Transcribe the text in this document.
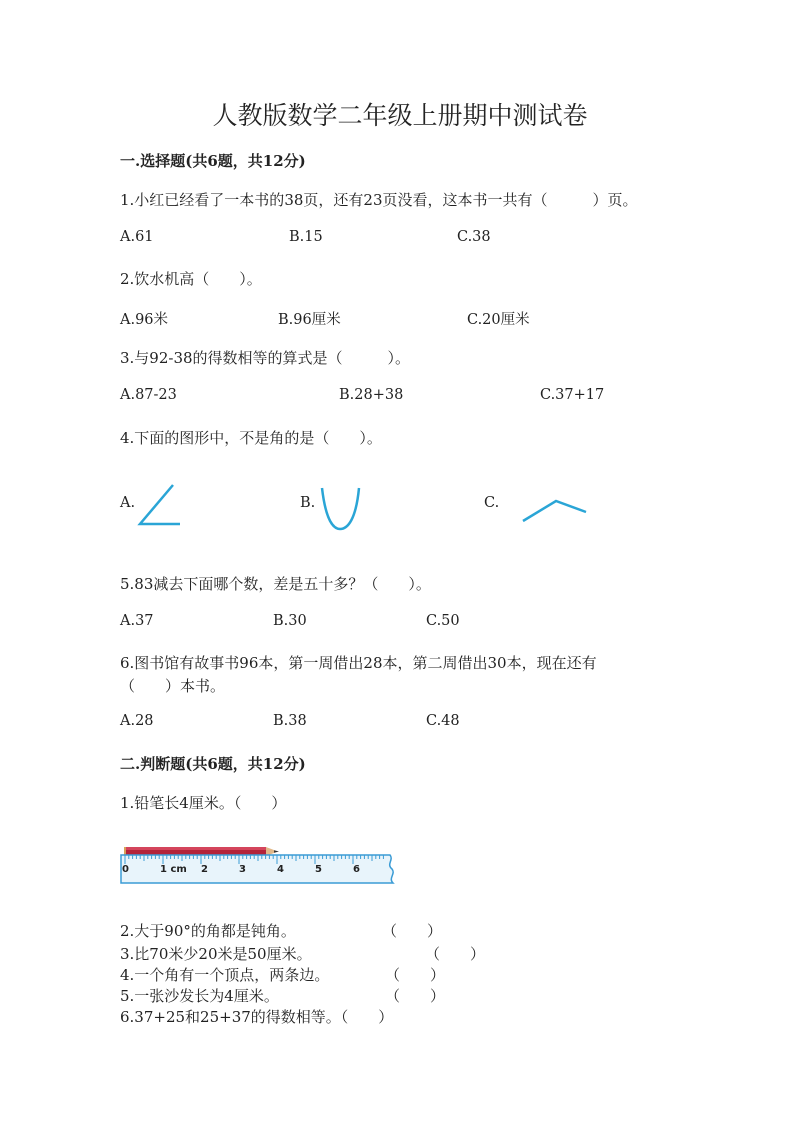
人教版数学二年级上册期中测试卷
一.选择题(共6题，共12分)
1.小红已经看了一本书的38页，还有23页没看，这本书一共有（　　　）页。
A.61	B.15	C.38
2.饮水机高（　　）。
A.96米	B.96厘米	C.20厘米
3.与92-38的得数相等的算式是（　　　）。
A.87-23	B.28+38	C.37+17
4.下面的图形中，不是角的是（　　）。
A.	B.	C.
5.83减去下面哪个数，差是五十多？（　　）。
A.37	B.30	C.50
6.图书馆有故事书96本，第一周借出28本，第二周借出30本，现在还有
（　　）本书。
A.28	B.38	C.48
二.判断题(共6题，共12分)
1.铅笔长4厘米。（　　）
0	1 cm 2	3	4	5	6
2.大于90°的角都是钝角。	（　　）
3.比70米少20米是50厘米。	（　　）
4.一个角有一个顶点，两条边。	（　　）
5.一张沙发长为4厘米。	（　　）
6.37+25和25+37的得数相等。（　　）
